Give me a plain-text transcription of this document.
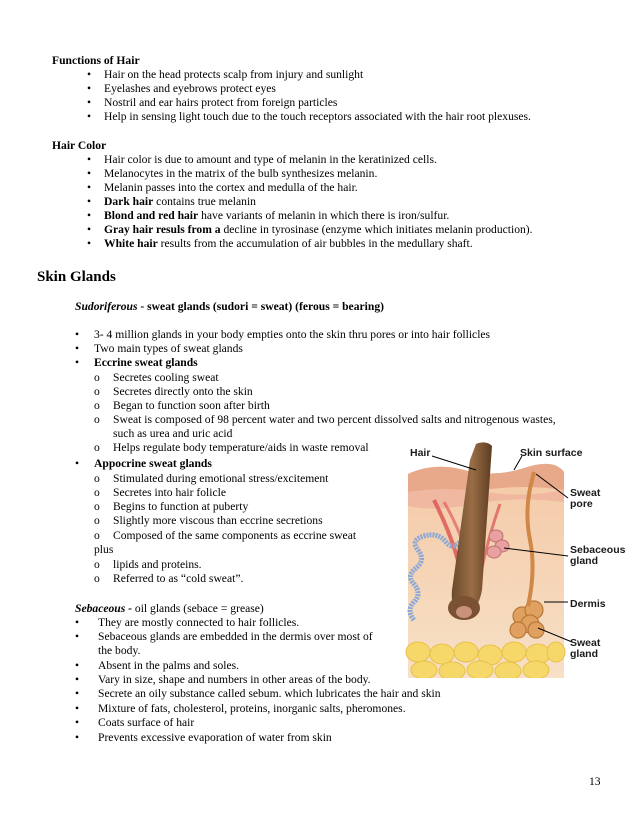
Functions of Hair
• Hair on the head protects scalp from injury and sunlight
• Eyelashes and eyebrows protect eyes
• Nostril and ear hairs protect from foreign particles
• Help in sensing light touch due to the touch receptors associated with the hair root plexuses.
Hair Color
• Hair color is due to amount and type of melanin in the keratinized cells.
• Melanocytes in the matrix of the bulb synthesizes melanin.
• Melanin passes into the cortex and medulla of the hair.
• Dark hair contains true melanin
• Blond and red hair have variants of melanin in which there is iron/sulfur.
• Gray hair resuls from a decline in tyrosinase (enzyme which initiates melanin production).
• White hair results from the accumulation of air bubbles in the medullary shaft.
Skin Glands
Sudoriferous - sweat glands (sudori = sweat) (ferous = bearing)
• 3- 4 million glands in your body empties onto the skin thru pores or into hair follicles
• Two main types of sweat glands
• Eccrine sweat glands
o Secretes cooling sweat
o Secretes directly onto the skin
o Began to function soon after birth
o Sweat is composed of 98 percent water and two percent dissolved salts and nitrogenous wastes,
such as urea and uric acid
o Helps regulate body temperature/aids in waste removal
• Appocrine sweat glands
o Stimulated during emotional stress/excitement
o Secretes into hair folicle
o Begins to function at puberty
o Slightly more viscous than eccrine secretions
o Composed of the same components as eccrine sweat
plus
o lipids and proteins.
o Referred to as “cold sweat”.
Sebaceous - oil glands (sebace = grease)
• They are mostly connected to hair follicles.
• Sebaceous glands are embedded in the dermis over most of
the body.
• Absent in the palms and soles.
• Vary in size, shape and numbers in other areas of the body.
• Secrete an oily substance called sebum. which lubricates the hair and skin
• Mixture of fats, cholesterol, proteins, inorganic salts, pheromones.
• Coats surface of hair
• Prevents excessive evaporation of water from skin
Hair	Skin surface
Sweat
pore
Sebaceous
gland
Dermis
Sweat
gland
13
